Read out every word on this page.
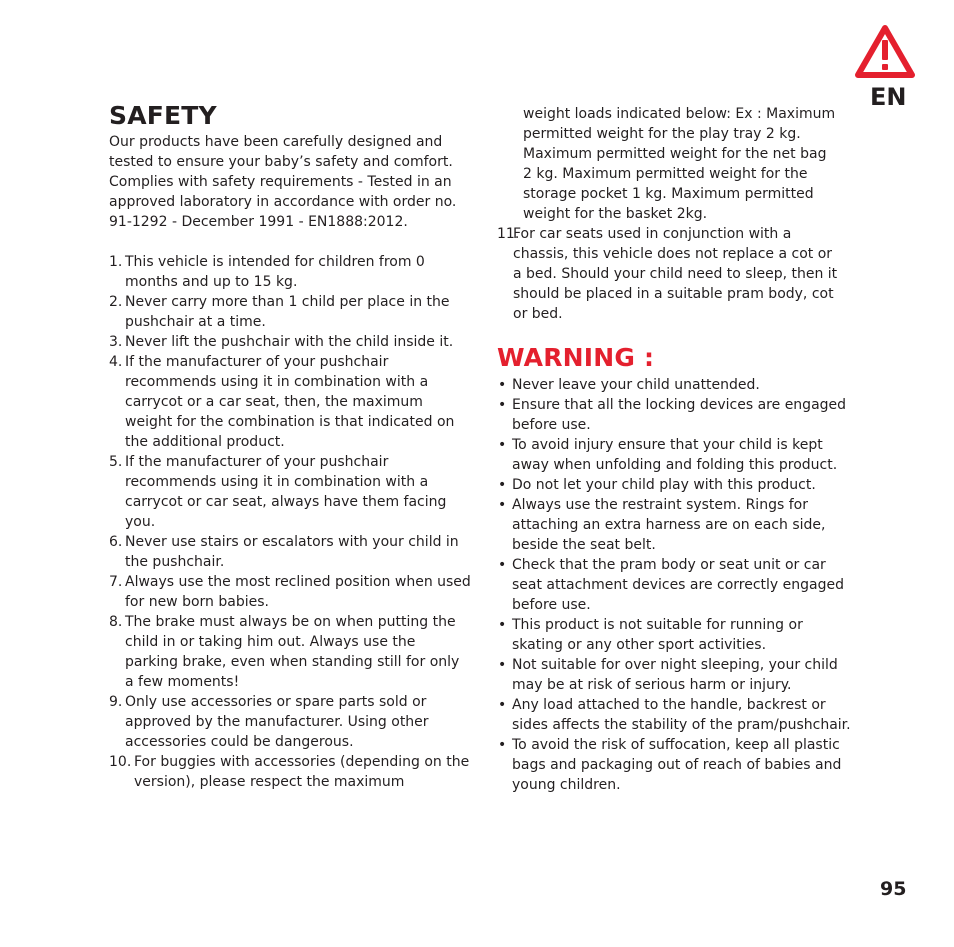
EN
SAFETY

Our products have been carefully designed and tested to ensure your baby’s safety and comfort. Complies with safety requirements - Tested in an approved laboratory in accordance with order no. 91-1292 - December 1991 - EN1888:2012.

1. This vehicle is intended for children from 0 months and up to 15 kg.
2. Never carry more than 1 child per place in the pushchair at a time.
3. Never lift the pushchair with the child inside it.
4. If the manufacturer of your pushchair recommends using it in combination with a carrycot or a car seat, then, the maximum weight for the combination is that indicated on the additional product.
5. If the manufacturer of your pushchair recommends using it in combination with a carrycot or car seat, always have them facing you.
6. Never use stairs or escalators with your child in the pushchair.
7. Always use the most reclined position when used for new born babies.
8. The brake must always be on when putting the child in or taking him out. Always use the parking brake, even when standing still for only a few moments!
9. Only use accessories or spare parts sold or approved by the manufacturer. Using other accessories could be dangerous.
10. For buggies with accessories (depending on the version), please respect the maximum
weight loads indicated below: Ex : Maximum permitted weight for the play tray 2 kg. Maximum permitted weight for the net bag 2 kg. Maximum permitted weight for the storage pocket 1 kg. Maximum permitted weight for the basket 2kg.
11.
For car seats used in conjunction with a chassis, this vehicle does not replace a cot or a bed. Should your child need to sleep, then it should be placed in a suitable pram body, cot or bed.
WARNING :
• Never leave your child unattended.
• Ensure that all the locking devices are engaged before use.
• To avoid injury ensure that your child is kept away when unfolding and folding this product.
• Do not let your child play with this product.
• Always use the restraint system. Rings for attaching an extra harness are on each side, beside the seat belt.
• Check that the pram body or seat unit or car seat attachment devices are correctly engaged before use.
• This product is not suitable for running or skating or any other sport activities.
• Not suitable for over night sleeping, your child may be at risk of serious harm or injury.
• Any load attached to the handle, backrest or sides affects the stability of the pram/pushchair.
• To avoid the risk of suffocation, keep all plastic bags and packaging out of reach of babies and young children.
95
